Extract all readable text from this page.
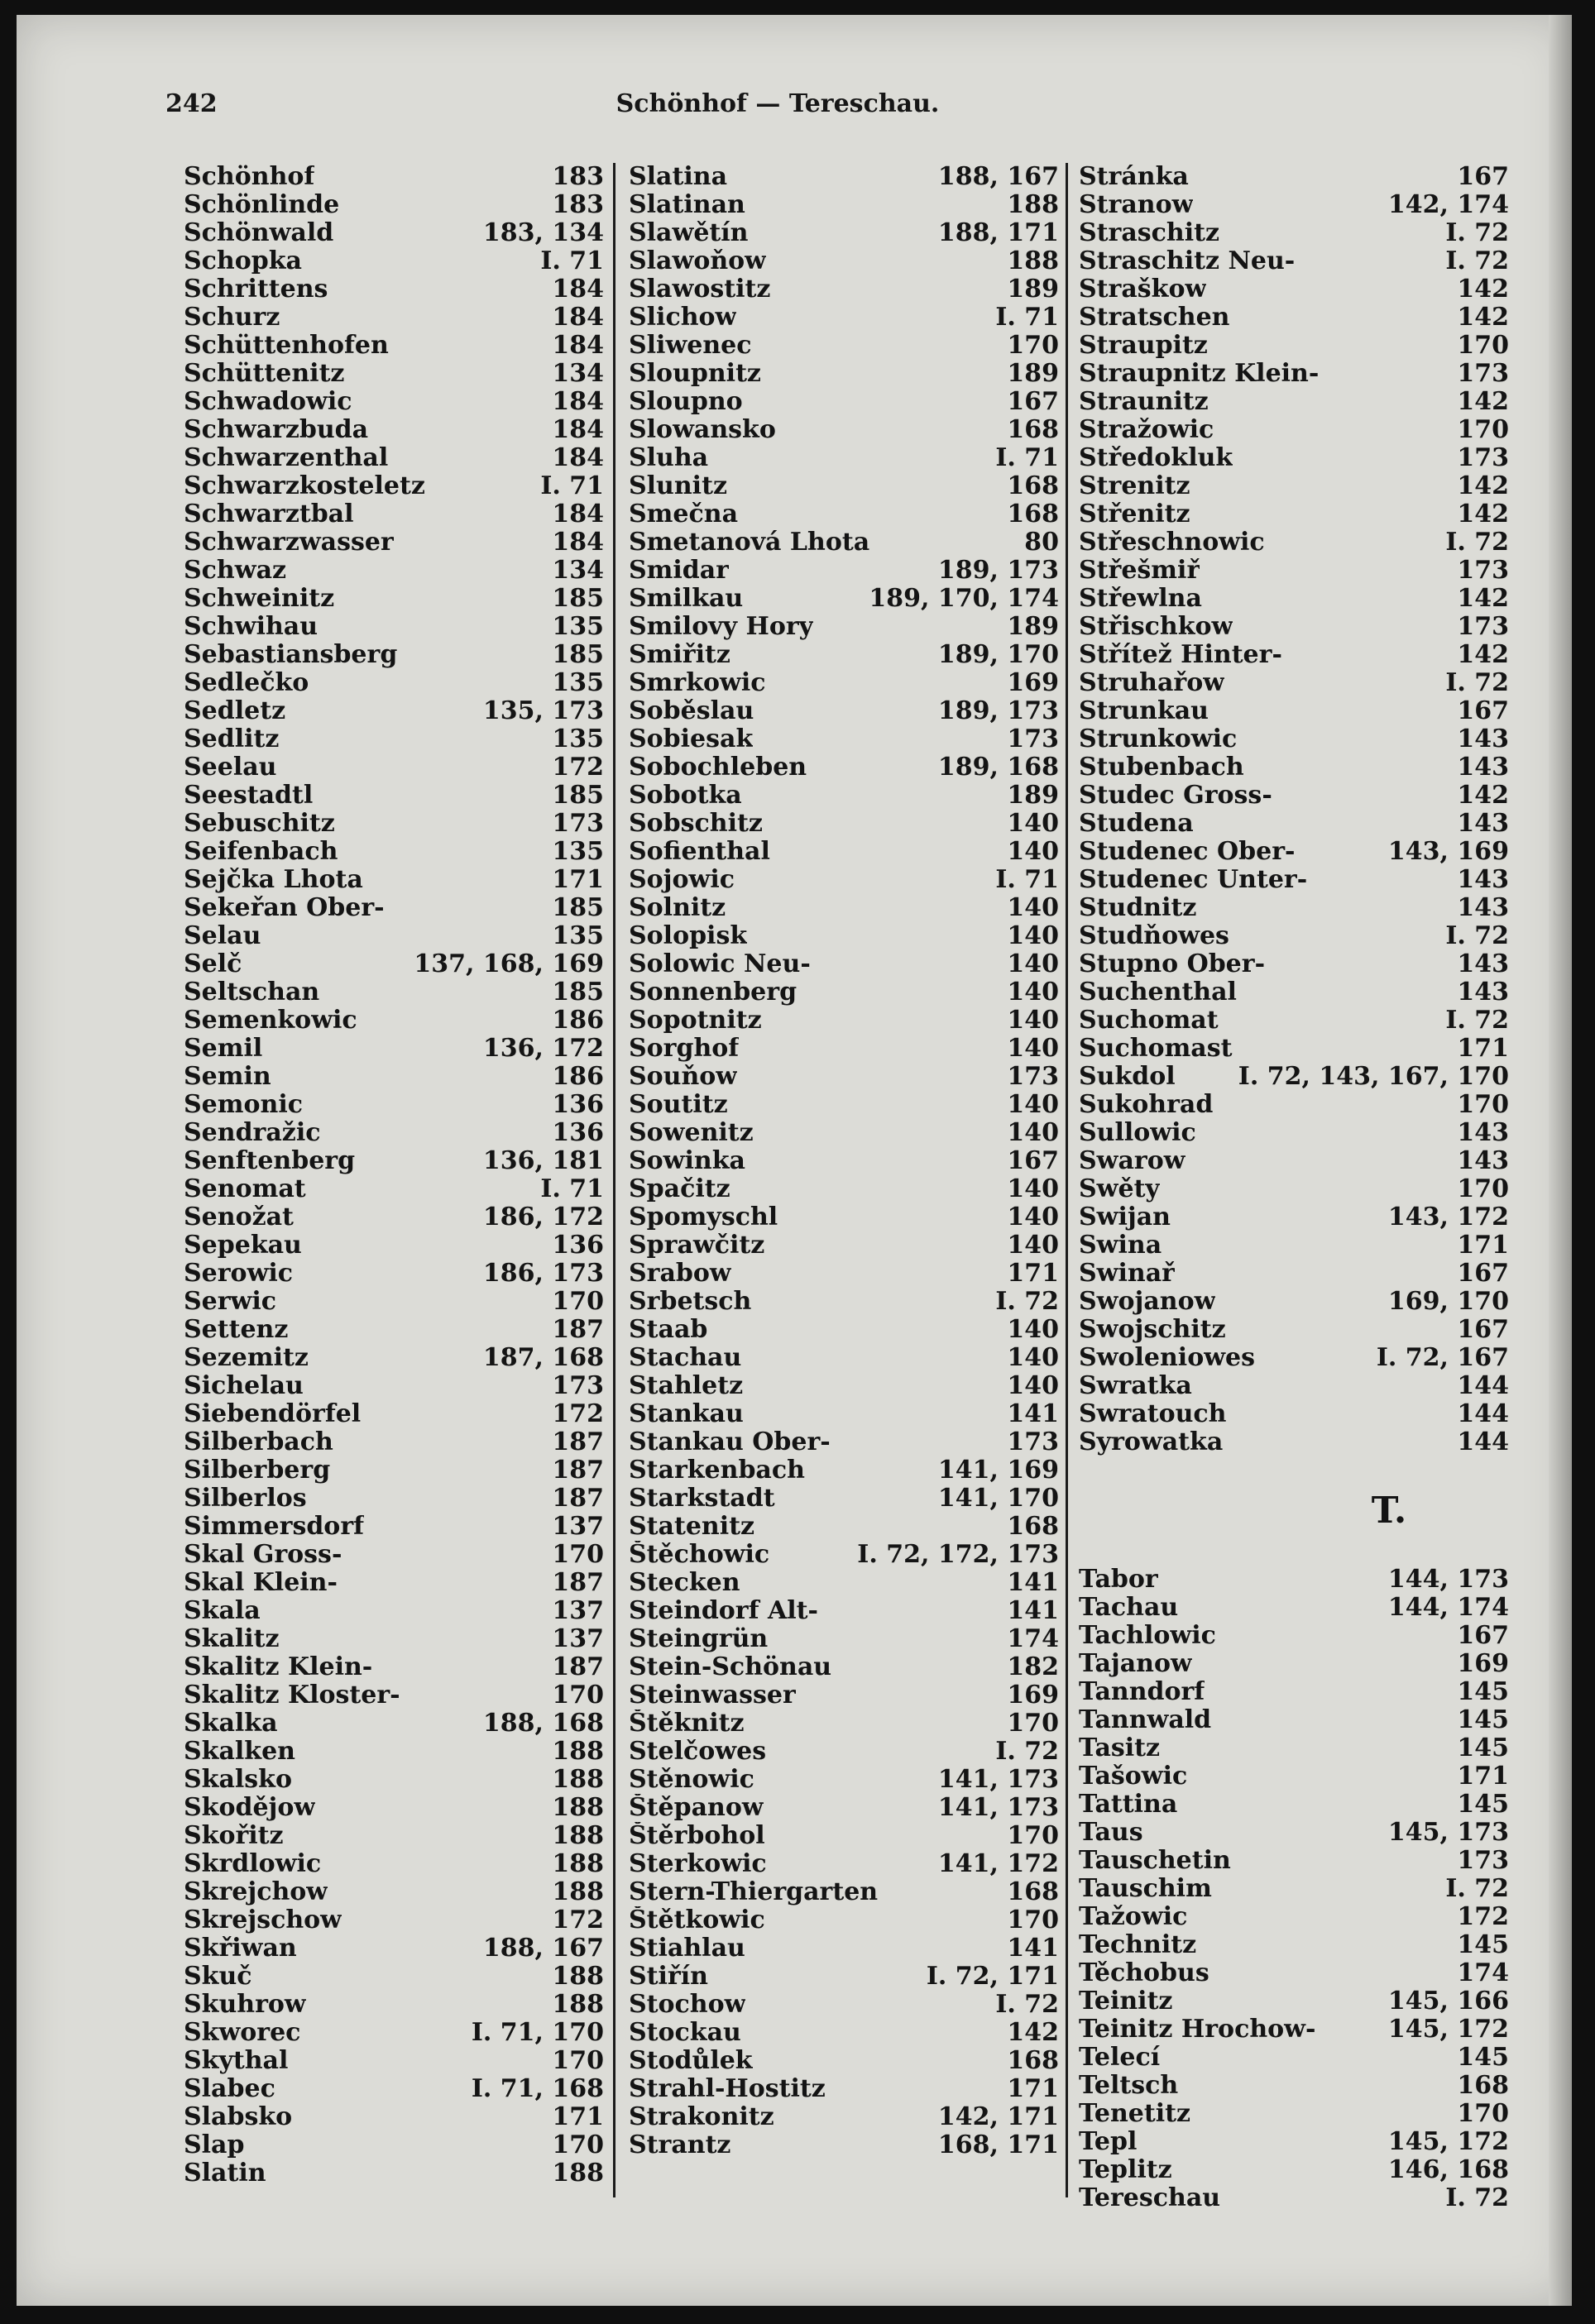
242	Schönhof — Tereschau.
Schönhof	183
Schönlinde	183
Schönwald	183, 134
Schopka	I. 71
Schrittens	184
Schurz	184
Schüttenhofen	184
Schüttenitz	134
Schwadowic	184
Schwarzbuda	184
Schwarzenthal	184
Schwarzkosteletz	I. 71
Schwarztbal	184
Schwarzwasser	184
Schwaz	134
Schweinitz	185
Schwihau	135
Sebastiansberg	185
Sedlečko	135
Sedletz	135, 173
Sedlitz	135
Seelau	172
Seestadtl	185
Sebuschitz	173
Seifenbach	135
Sejčka Lhota	171
Sekeřan Ober-	185
Selau	135
Selč	137, 168, 169
Seltschan	185
Semenkowic	186
Semil	136, 172
Semin	186
Semonic	136
Sendražic	136
Senftenberg	136, 181
Senomat	I. 71
Senožat	186, 172
Sepekau	136
Serowic	186, 173
Serwic	170
Settenz	187
Sezemitz	187, 168
Sichelau	173
Siebendörfel	172
Silberbach	187
Silberberg	187
Silberlos	187
Simmersdorf	137
Skal Gross-	170
Skal Klein-	187
Skala	137
Skalitz	137
Skalitz Klein-	187
Skalitz Kloster-	170
Skalka	188, 168
Skalken	188
Skalsko	188
Skodějow	188
Skořitz	188
Skrdlowic	188
Skrejchow	188
Skrejschow	172
Skřiwan	188, 167
Skuč	188
Skuhrow	188
Skworec	I. 71, 170
Skythal	170
Slabec	I. 71, 168
Slabsko	171
Slap	170
Slatin	188
Slatina	188, 167
Slatinan	188
Slawětín	188, 171
Slawoňow	188
Slawostitz	189
Slichow	I. 71
Sliwenec	170
Sloupnitz	189
Sloupno	167
Slowansko	168
Sluha	I. 71
Slunitz	168
Smečna	168
Smetanová Lhota	80
Smidar	189, 173
Smilkau	189, 170, 174
Smilovy Hory	189
Smiřitz	189, 170
Smrkowic	169
Soběslau	189, 173
Sobiesak	173
Sobochleben	189, 168
Sobotka	189
Sobschitz	140
Sofienthal	140
Sojowic	I. 71
Solnitz	140
Solopisk	140
Solowic Neu-	140
Sonnenberg	140
Sopotnitz	140
Sorghof	140
Souňow	173
Soutitz	140
Sowenitz	140
Sowinka	167
Spačitz	140
Spomyschl	140
Sprawčitz	140
Srabow	171
Srbetsch	I. 72
Staab	140
Stachau	140
Stahletz	140
Stankau	141
Stankau Ober-	173
Starkenbach	141, 169
Starkstadt	141, 170
Statenitz	168
Štěchowic	I. 72, 172, 173
Stecken	141
Steindorf Alt-	141
Steingrün	174
Stein-Schönau	182
Steinwasser	169
Štěknitz	170
Stelčowes	I. 72
Stěnowic	141, 173
Štěpanow	141, 173
Štěrbohol	170
Sterkowic	141, 172
Stern-Thiergarten	168
Štětkowic	170
Stiahlau	141
Stiřín	I. 72, 171
Stochow	I. 72
Stockau	142
Stodůlek	168
Strahl-Hostitz	171
Strakonitz	142, 171
Strantz	168, 171
Stránka	167
Stranow	142, 174
Straschitz	I. 72
Straschitz Neu-	I. 72
Straškow	142
Stratschen	142
Straupitz	170
Straupnitz Klein-	173
Straunitz	142
Stražowic	170
Středokluk	173
Strenitz	142
Střenitz	142
Střeschnowic	I. 72
Střešmiř	173
Střewlna	142
Střischkow	173
Střítež Hinter-	142
Struhařow	I. 72
Strunkau	167
Strunkowic	143
Stubenbach	143
Studec Gross-	142
Studena	143
Studenec Ober-	143, 169
Studenec Unter-	143
Studnitz	143
Studňowes	I. 72
Stupno Ober-	143
Suchenthal	143
Suchomat	I. 72
Suchomast	171
Sukdol	I. 72, 143, 167, 170
Sukohrad	170
Sullowic	143
Swarow	143
Swěty	170
Swijan	143, 172
Swina	171
Swinař	167
Swojanow	169, 170
Swojschitz	167
Swoleniowes	I. 72, 167
Swratka	144
Swratouch	144
Syrowatka	144
T.
Tabor	144, 173
Tachau	144, 174
Tachlowic	167
Tajanow	169
Tanndorf	145
Tannwald	145
Tasitz	145
Tašowic	171
Tattina	145
Taus	145, 173
Tauschetin	173
Tauschim	I. 72
Tažowic	172
Technitz	145
Těchobus	174
Teinitz	145, 166
Teinitz Hrochow-	145, 172
Telecí	145
Teltsch	168
Tenetitz	170
Tepl	145, 172
Teplitz	146, 168
Tereschau	I. 72
